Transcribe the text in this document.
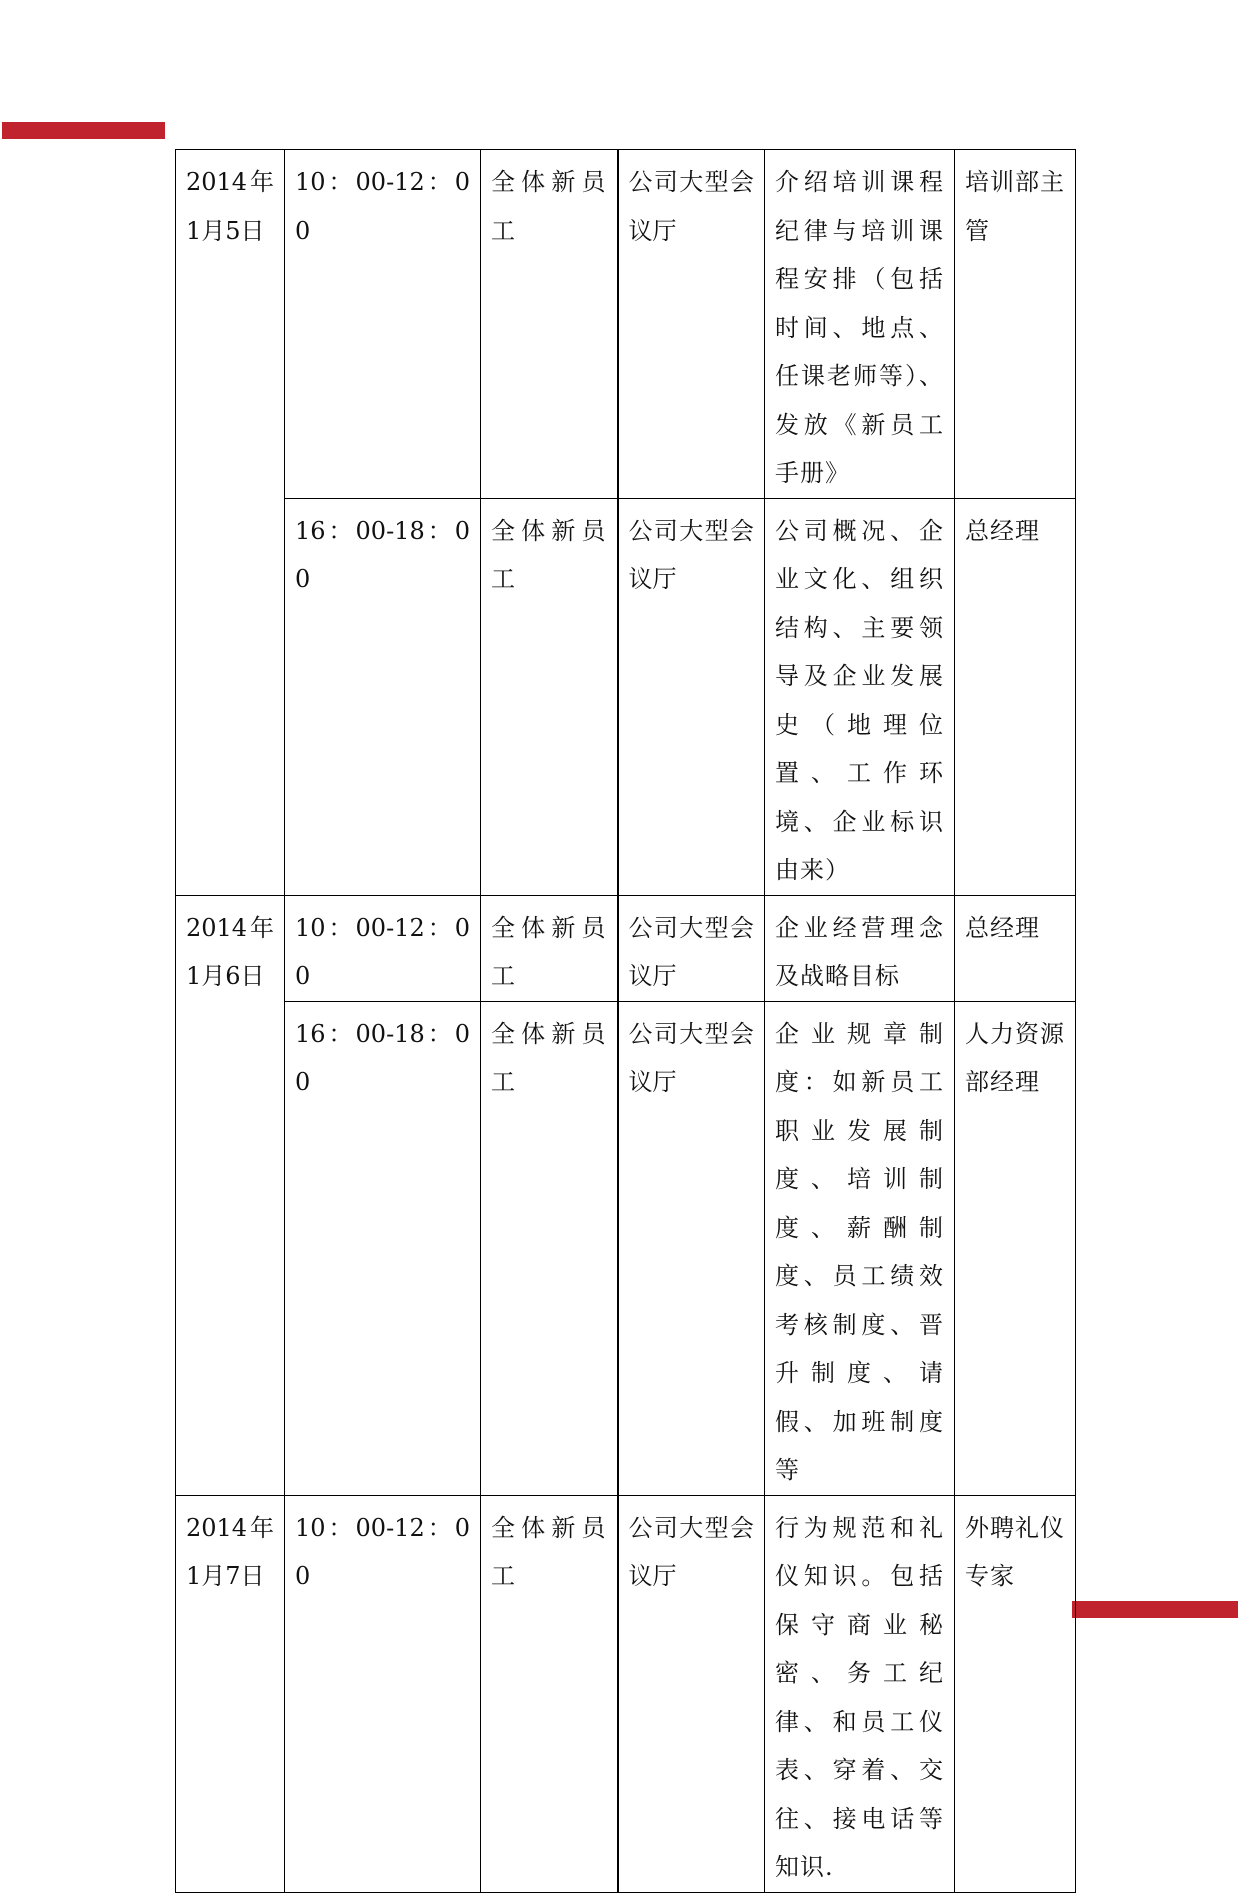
2014年1月5日	10：00-12：00	全体新员工	公司大型会议厅	介绍培训课程纪律与培训课程安排（包括时间、地点、任课老师等）、发放《新员工手册》	培训部主管
	16：00-18：00	全体新员工	公司大型会议厅	公司概况、企业文化、组织结构、主要领导及企业发展史（地理位置、工作环境、企业标识由来）	总经理
2014年1月6日	10：00-12：00	全体新员工	公司大型会议厅	企业经营理念及战略目标	总经理
	16：00-18：00	全体新员工	公司大型会议厅	企业规章制度：如新员工职业发展制度、培训制度、薪酬制度、员工绩效考核制度、晋升制度、请假、加班制度等	人力资源部经理
2014年1月7日	10：00-12：00	全体新员工	公司大型会议厅	行为规范和礼仪知识。包括保守商业秘密、务工纪律、和员工仪表、穿着、交往、接电话等知识.	外聘礼仪专家
